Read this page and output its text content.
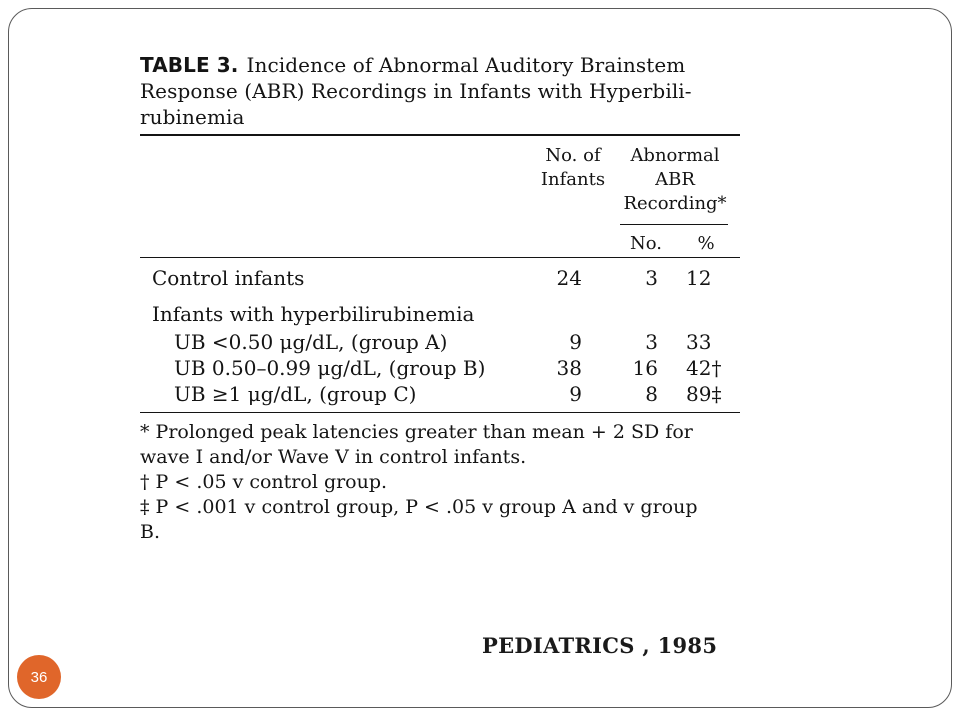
TABLE 3. Incidence of Abnormal Auditory Brainstem
Response (ABR) Recordings in Infants with Hyperbili-
rubinemia
No. of
Infants
Abnormal
ABR
Recording*
No.	%
Control infants	24	3	12
Infants with hyperbilirubinemia
UB <0.50 μg/dL, (group A)	9	3	33
UB 0.50–0.99 μg/dL, (group B)	38	16	42†
UB ≥1 μg/dL, (group C)	9	8	89‡

* Prolonged peak latencies greater than mean + 2 SD for

wave I and/or Wave V in control infants.

† P < .05 v control group.

‡ P < .001 v control group, P < .05 v group A and v group

B.

PEDIATRICS , 1985
36
